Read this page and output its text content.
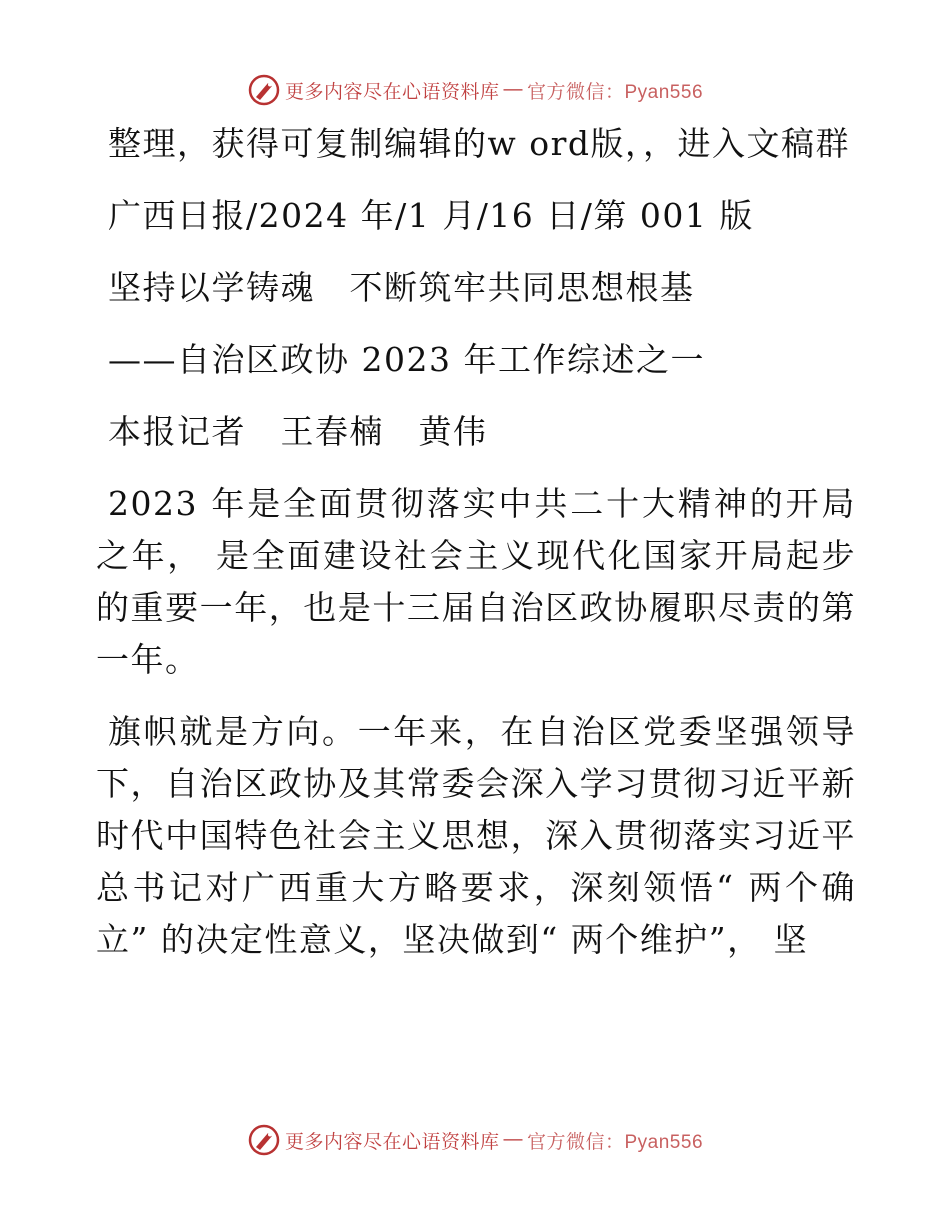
更多内容尽在心语资料库 — 官方微信：Pyan556

整理，获得可复制编辑的w ord版，，进入文稿群

广西日报/2024 年/1 月/16 日/第 001 版

坚持以学铸魂　不断筑牢共同思想根基

——自治区政协 2023 年工作综述之一

本报记者　王春楠　黄伟

2023 年是全面贯彻落实中共二十大精神的开局之年， 是全面建设社会主义现代化国家开局起步的重要一年，也是十三届自治区政协履职尽责的第一年。

旗帜就是方向。一年来，在自治区党委坚强领导下，自治区政协及其常委会深入学习贯彻习近平新时代中国特色社会主义思想，深入贯彻落实习近平总书记对广西重大方略要求，深刻领悟“ 两个确立” 的决定性意义，坚决做到“ 两个维护”， 坚

更多内容尽在心语资料库 — 官方微信：Pyan556
